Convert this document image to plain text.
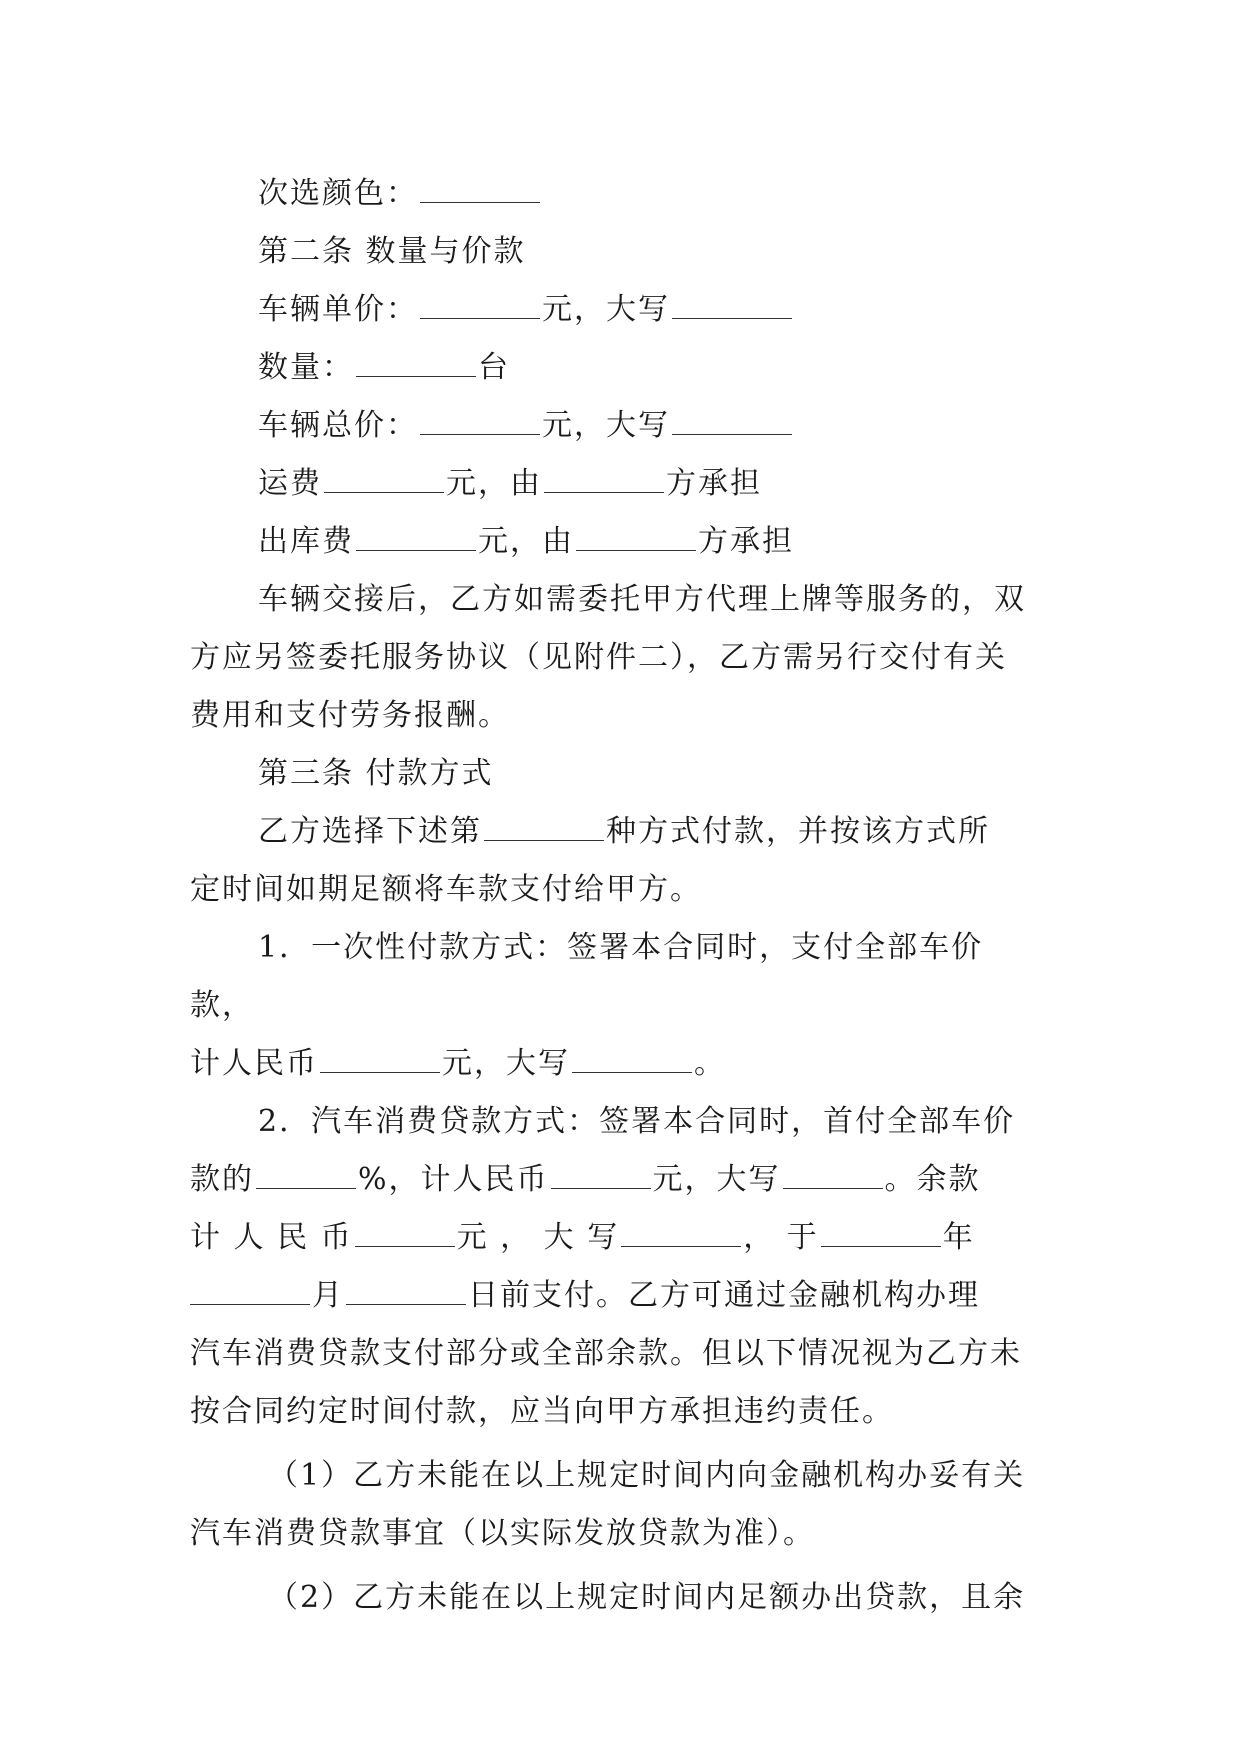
次选颜色：
第二条 数量与价款
车辆单价：	元，大写
数量：	台
车辆总价：	元，大写
运费	元，由	方承担
出库费	元，由	方承担
车辆交接后，乙方如需委托甲方代理上牌等服务的，双
方应另签委托服务协议（见附件二），乙方需另行交付有关
费用和支付劳务报酬。
第三条 付款方式
乙方选择下述第	种方式付款，并按该方式所
定时间如期足额将车款支付给甲方。
1．一次性付款方式：签署本合同时，支付全部车价款，
计人民币	元，大写	。
2．汽车消费贷款方式：签署本合同时，首付全部车价
款的	%，计人民币	元，大写	。余款
计 人 民 币	元 ， 大 写	， 于	年
月	日前支付。乙方可通过金融机构办理
汽车消费贷款支付部分或全部余款。但以下情况视为乙方未
按合同约定时间付款，应当向甲方承担违约责任。
（1）乙方未能在以上规定时间内向金融机构办妥有关
汽车消费贷款事宜（以实际发放贷款为准）。
（2）乙方未能在以上规定时间内足额办出贷款，且余
